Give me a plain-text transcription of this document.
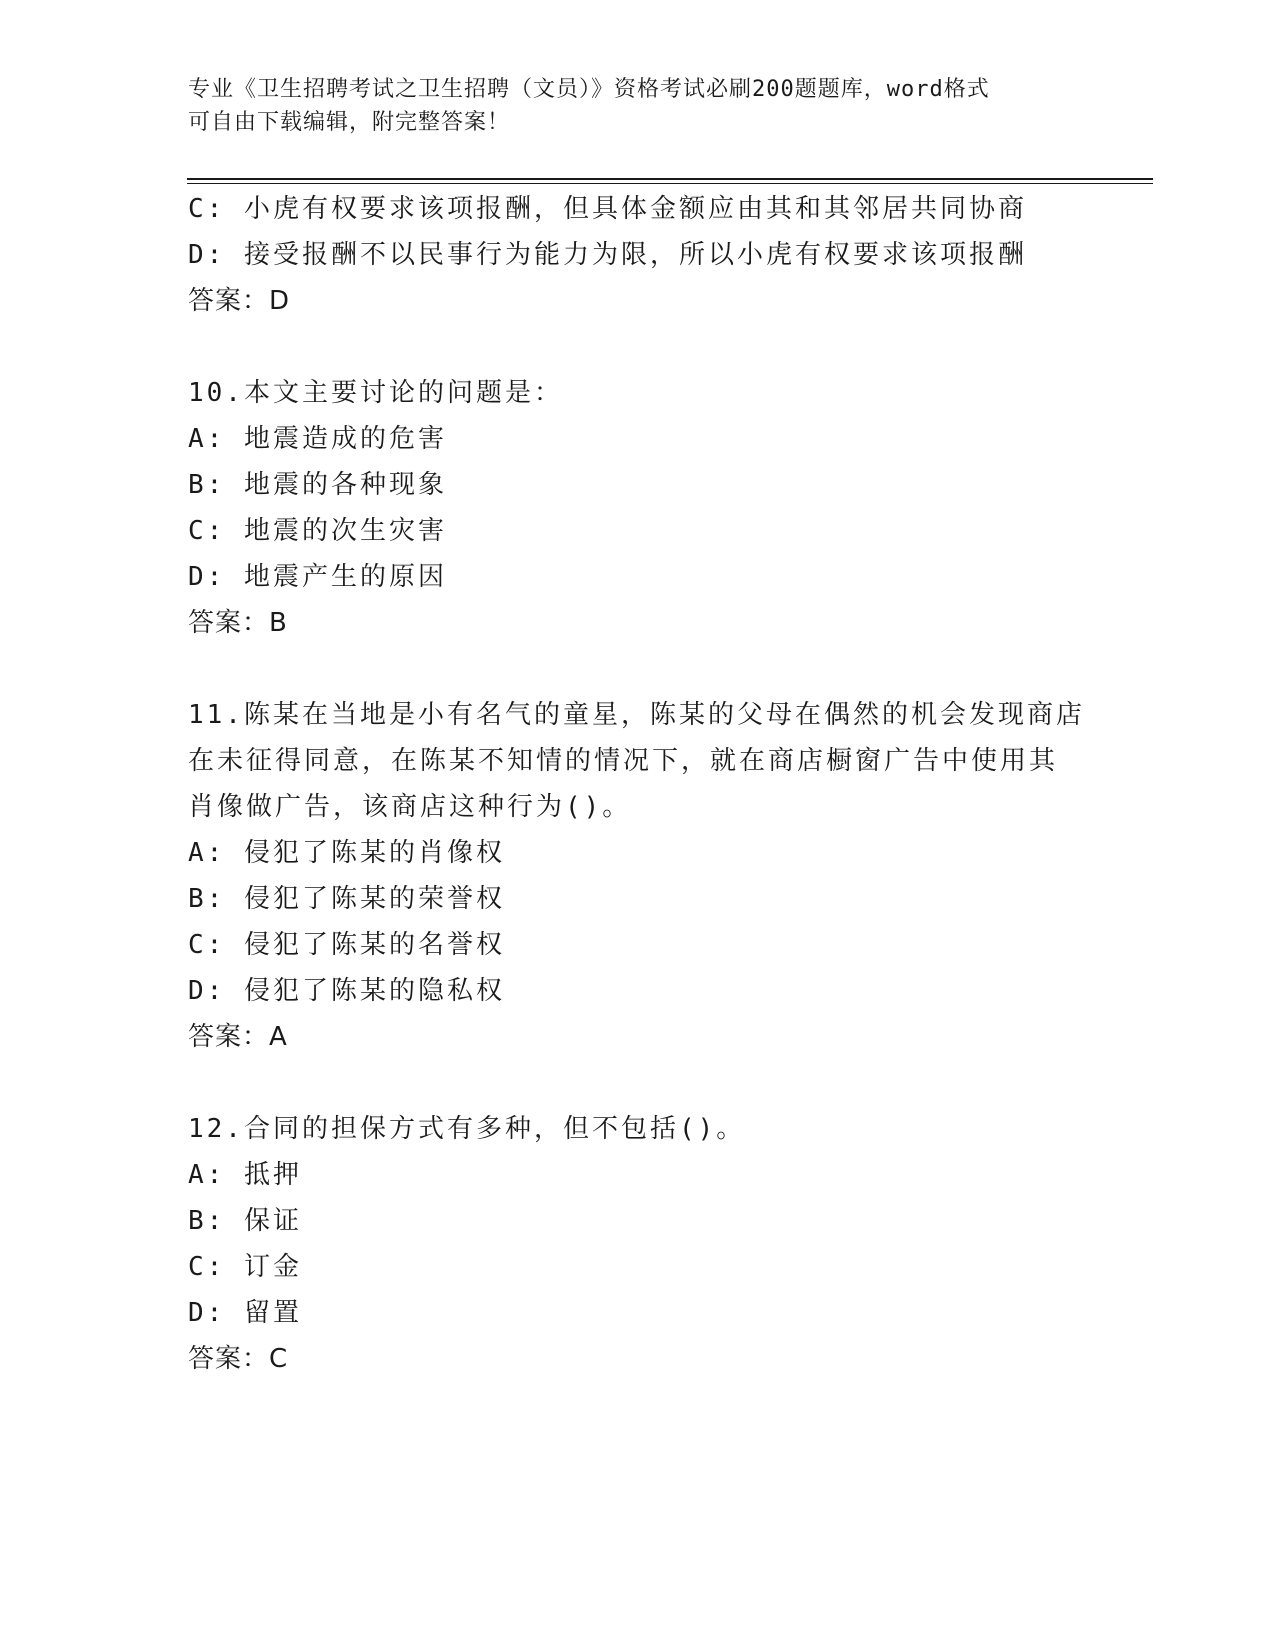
专业《卫生招聘考试之卫生招聘（文员）》资格考试必刷200题题库，word格式
可自由下载编辑，附完整答案！
C: 小虎有权要求该项报酬，但具体金额应由其和其邻居共同协商
D: 接受报酬不以民事行为能力为限，所以小虎有权要求该项报酬
答案：D
10.本文主要讨论的问题是：
A: 地震造成的危害
B: 地震的各种现象
C: 地震的次生灾害
D: 地震产生的原因
答案：B
11.陈某在当地是小有名气的童星，陈某的父母在偶然的机会发现商店
在未征得同意，在陈某不知情的情况下，就在商店橱窗广告中使用其
肖像做广告，该商店这种行为()。
A: 侵犯了陈某的肖像权
B: 侵犯了陈某的荣誉权
C: 侵犯了陈某的名誉权
D: 侵犯了陈某的隐私权
答案：A
12.合同的担保方式有多种，但不包括()。
A: 抵押
B: 保证
C: 订金
D: 留置
答案：C
